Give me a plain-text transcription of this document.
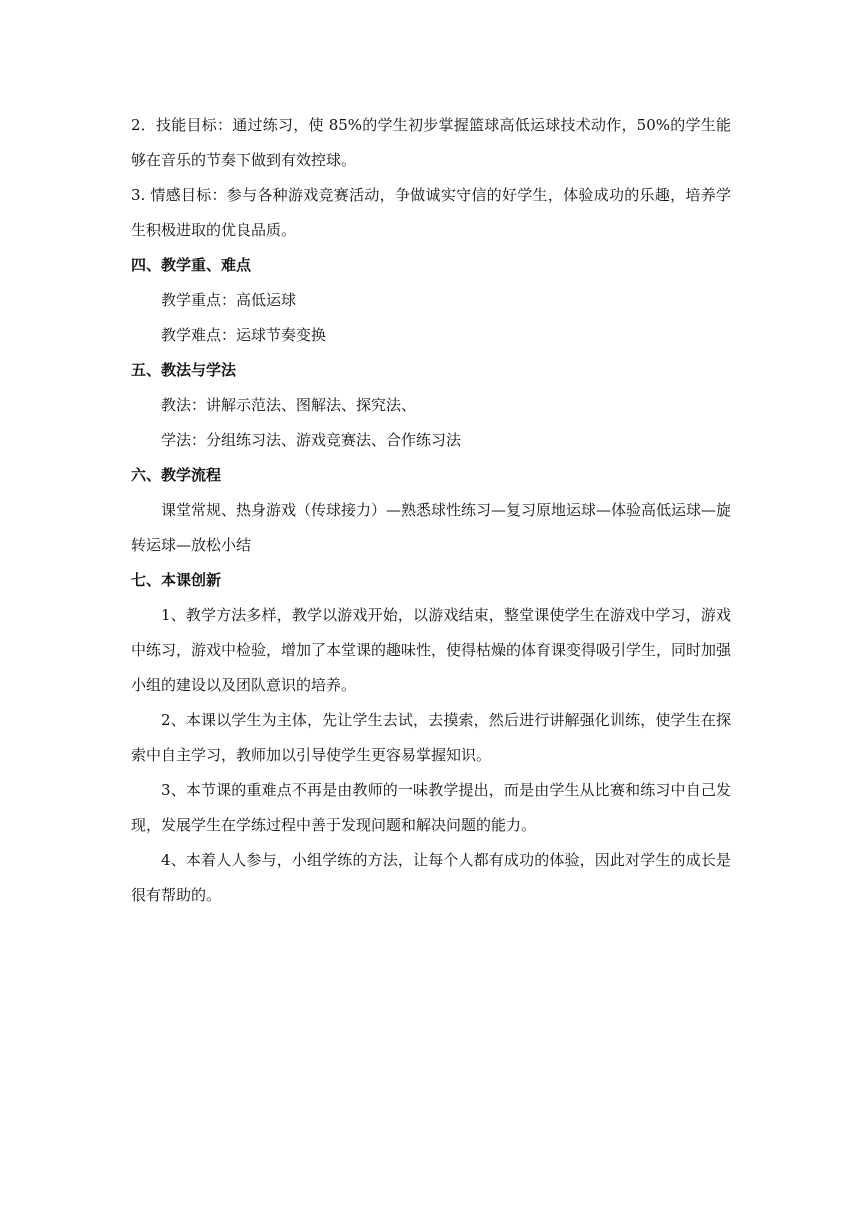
2．技能目标：通过练习，使 85%的学生初步掌握篮球高低运球技术动作，50%的学生能够在音乐的节奏下做到有效控球。

3. 情感目标：参与各种游戏竞赛活动，争做诚实守信的好学生，体验成功的乐趣，培养学生积极进取的优良品质。

四、教学重、难点

教学重点：高低运球

教学难点：运球节奏变换

五、教法与学法

教法：讲解示范法、图解法、探究法、

学法：分组练习法、游戏竞赛法、合作练习法

六、教学流程

课堂常规、热身游戏（传球接力）—熟悉球性练习—复习原地运球—体验高低运球—旋转运球—放松小结

七、本课创新

1、教学方法多样，教学以游戏开始，以游戏结束，整堂课使学生在游戏中学习，游戏中练习，游戏中检验，增加了本堂课的趣味性，使得枯燥的体育课变得吸引学生，同时加强小组的建设以及团队意识的培养。

2、本课以学生为主体，先让学生去试，去摸索，然后进行讲解强化训练，使学生在探索中自主学习，教师加以引导使学生更容易掌握知识。

3、本节课的重难点不再是由教师的一味教学提出，而是由学生从比赛和练习中自己发现，发展学生在学练过程中善于发现问题和解决问题的能力。

4、本着人人参与，小组学练的方法，让每个人都有成功的体验，因此对学生的成长是很有帮助的。
